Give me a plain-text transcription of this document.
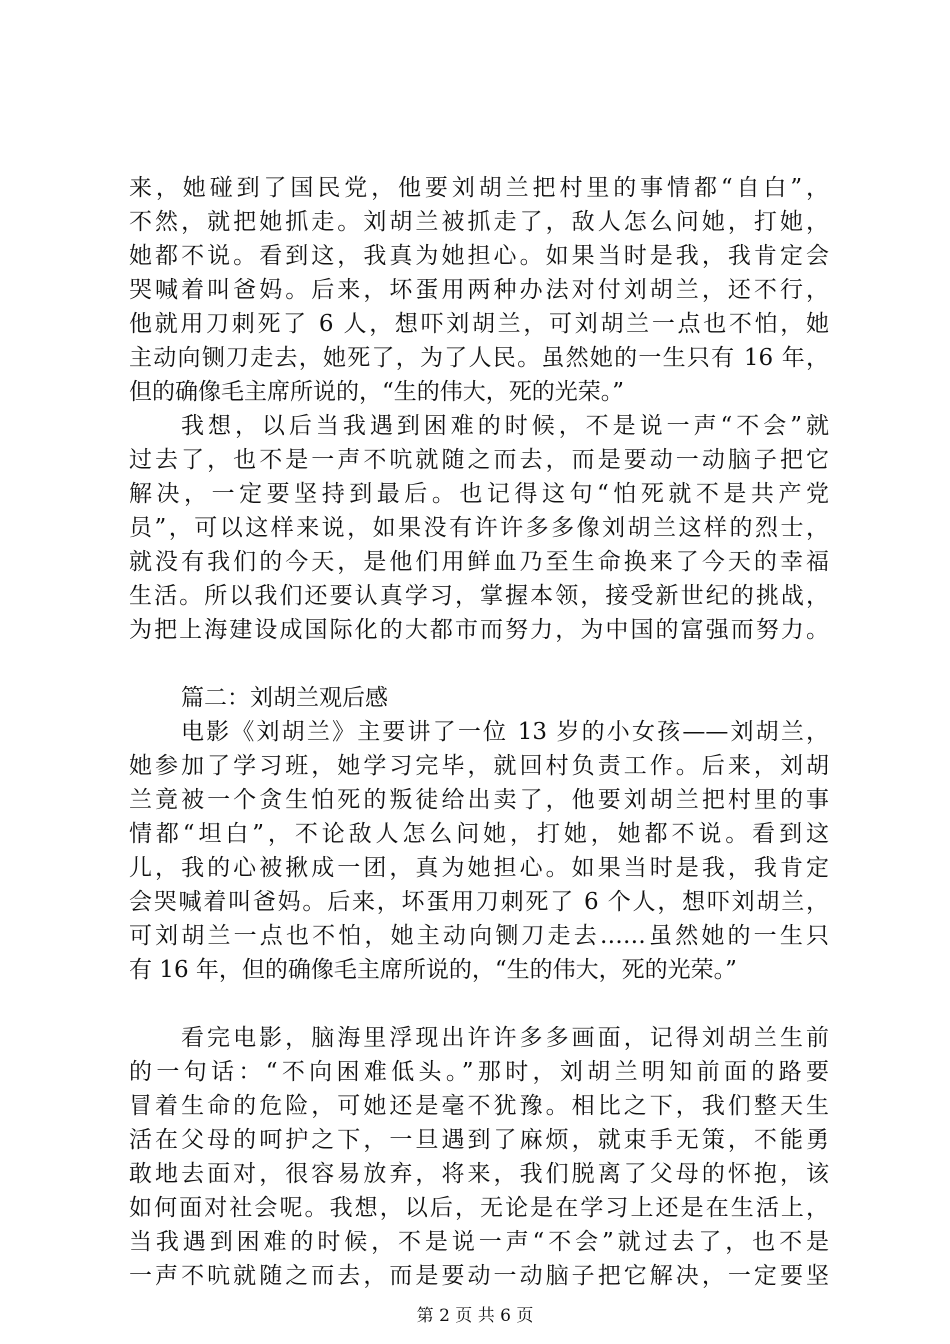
来，她碰到了国民党，他要刘胡兰把村里的事情都“自白”，
不然，就把她抓走。刘胡兰被抓走了，敌人怎么问她，打她，
她都不说。看到这，我真为她担心。如果当时是我，我肯定会
哭喊着叫爸妈。后来，坏蛋用两种办法对付刘胡兰，还不行，
他就用刀刺死了 6 人，想吓刘胡兰，可刘胡兰一点也不怕，她
主动向铡刀走去，她死了，为了人民。虽然她的一生只有 16 年，
但的确像毛主席所说的，“生的伟大，死的光荣。”
我想，以后当我遇到困难的时候，不是说一声“不会”就
过去了，也不是一声不吭就随之而去，而是要动一动脑子把它
解决，一定要坚持到最后。也记得这句“怕死就不是共产党
员”，可以这样来说，如果没有许许多多像刘胡兰这样的烈士，
就没有我们的今天，是他们用鲜血乃至生命换来了今天的幸福
生活。所以我们还要认真学习，掌握本领，接受新世纪的挑战，
为把上海建设成国际化的大都市而努力，为中国的富强而努力。
篇二：刘胡兰观后感
电影《刘胡兰》主要讲了一位 13 岁的小女孩——刘胡兰，
她参加了学习班，她学习完毕，就回村负责工作。后来，刘胡
兰竟被一个贪生怕死的叛徒给出卖了，他要刘胡兰把村里的事
情都“坦白”，不论敌人怎么问她，打她，她都不说。看到这
儿，我的心被揪成一团，真为她担心。如果当时是我，我肯定
会哭喊着叫爸妈。后来，坏蛋用刀刺死了 6 个人，想吓刘胡兰，
可刘胡兰一点也不怕，她主动向铡刀走去……虽然她的一生只
有 16 年，但的确像毛主席所说的，“生的伟大，死的光荣。”
看完电影，脑海里浮现出许许多多画面，记得刘胡兰生前
的一句话：“不向困难低头。”那时，刘胡兰明知前面的路要
冒着生命的危险，可她还是毫不犹豫。相比之下，我们整天生
活在父母的呵护之下，一旦遇到了麻烦，就束手无策，不能勇
敢地去面对，很容易放弃，将来，我们脱离了父母的怀抱，该
如何面对社会呢。我想，以后，无论是在学习上还是在生活上，
当我遇到困难的时候，不是说一声“不会”就过去了，也不是
一声不吭就随之而去，而是要动一动脑子把它解决，一定要坚
第 2 页 共 6 页
